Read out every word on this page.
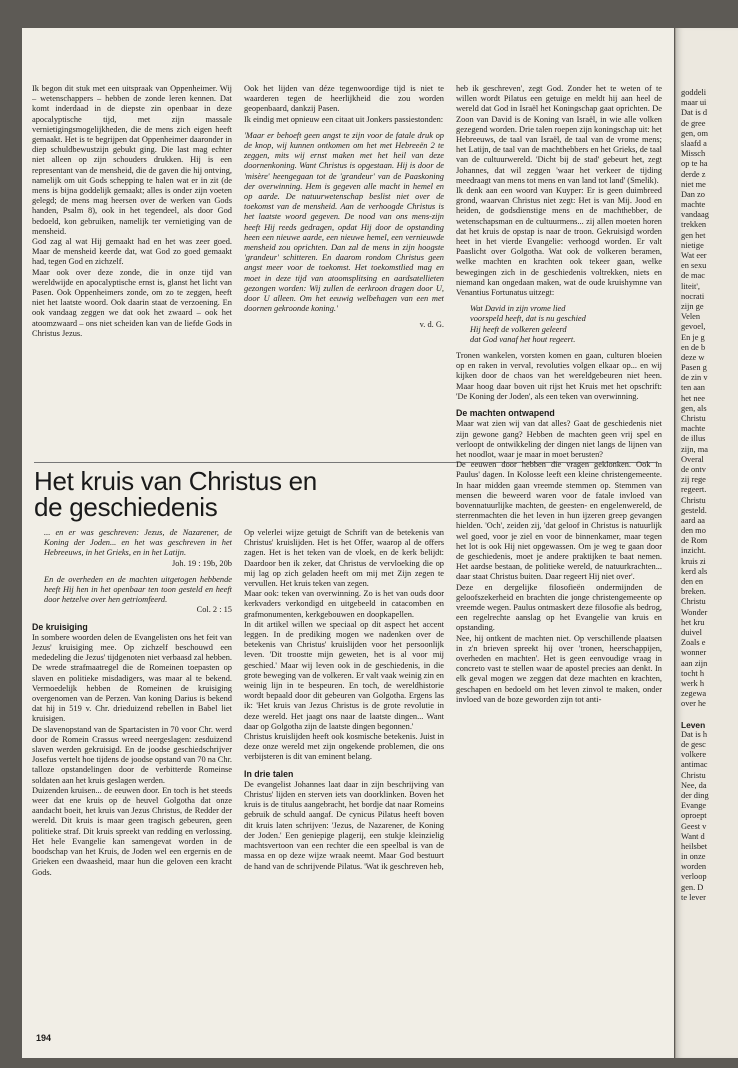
Ik begon dit stuk met een uitspraak van Oppenheimer. Wij – wetenschappers – hebben de zonde leren kennen. Dat komt inderdaad in de diepste zin openbaar in deze apocalyptische tijd, met zijn massale vernietigingsmogelijkheden, die de mens zich eigen heeft gemaakt. Het is te begrijpen dat Oppenheimer daaronder in diep schuldbewustzijn gebukt ging. Die last mag echter niet alleen op zijn schouders drukken. Hij is een representant van de mensheid, die de gaven die hij ontving, namelijk om uit Gods schepping te halen wat er in zit (de mens is bijna goddelijk gemaakt; alles is onder zijn voeten gelegd; de mens mag heersen over de werken van Gods handen, Psalm 8), ook in het tegendeel, als door God bedoeld, kon gebruiken, namelijk ter vernietiging van de mensheid.

God zag al wat Hij gemaakt had en het was zeer goed. Maar de mensheid keerde dat, wat God zo goed gemaakt had, tegen God en zichzelf.

Maar ook over deze zonde, die in onze tijd van wereldwijde en apocalyptische ernst is, glanst het licht van Pasen. Ook Oppenheimers zonde, om zo te zeggen, heeft niet het laatste woord. Ook daarin staat de verzoening. En ook vandaag zeggen we dat ook het zwaard – ook het atoomzwaard – ons niet scheiden kan van de liefde Gods in Christus Jezus.

Ook het lijden van déze tegenwoordige tijd is niet te waarderen tegen de heerlijkheid die zou worden geopenbaard, dankzij Pasen.

Ik eindig met opnieuw een citaat uit Jonkers passiestonden:

'Maar er behoeft geen angst te zijn voor de fatale druk op de knop, wij kunnen ontkomen om het met Hebreeën 2 te zeggen, mits wij ernst maken met het heil van deze doornenkoning. Want Christus is opgestaan. Hij is door de 'misère' heengegaan tot de 'grandeur' van de Paaskoning der overwinning. Hem is gegeven alle macht in hemel en op aarde. De natuurwetenschap beslist niet over de toekomst van de mensheid. Aan de verhoogde Christus is het laatste woord gegeven. De nood van ons mens-zijn heeft Hij reeds gedragen, opdat Hij door de opstanding heen een nieuwe aarde, een nieuwe hemel, een vernieuwde mensheid zou oprichten. Dan zal de mens in zijn hoogste 'grandeur' schitteren. En daarom rondom Christus geen angst meer voor de toekomst. Het toekomstlied mag en moet in deze tijd van atoomsplitsing en aardsatellieten gezongen worden: Wij zullen de eerkroon dragen door U, door U alleen. Om het eeuwig welbehagen van een met doornen gekroonde koning.'

v. d. G.

Het kruis van Christus en de geschiedenis

... en er was geschreven: Jezus, de Nazarener, de Koning der Joden... en het was geschreven in het Hebreeuws, in het Grieks, en in het Latijn.

Joh. 19 : 19b, 20b

En de overheden en de machten uitgetogen hebbende heeft Hij hen in het openbaar ten toon gesteld en heeft door hetzelve over hen getriomfeerd.

Col. 2 : 15

De kruisiging

In sombere woorden delen de Evangelisten ons het feit van Jezus' kruisiging mee. Op zichzelf beschouwd een mededeling die Jezus' tijdgenoten niet verbaasd zal hebben. De wrede strafmaatregel die de Romeinen toepasten op slaven en politieke misdadigers, was maar al te bekend. Vermoedelijk hebben de Romeinen de kruisiging overgenomen van de Perzen. Van koning Darius is bekend dat hij in 519 v. Chr. drieduizend rebellen in Babel liet kruisigen.

De slavenopstand van de Spartacisten in 70 voor Chr. werd door de Romein Crassus wreed neergeslagen: zesduizend slaven werden gekruisigd. En de joodse geschiedschrijver Josefus vertelt hoe tijdens de joodse opstand van 70 na Chr. talloze opstandelingen door de verbitterde Romeinse soldaten aan het kruis geslagen werden.

Duizenden kruisen... de eeuwen door. En toch is het steeds weer dat ene kruis op de heuvel Golgotha dat onze aandacht boeit, het kruis van Jezus Christus, de Redder der wereld. Dit kruis is maar geen tragisch gebeuren, geen politieke straf. Dit kruis spreekt van redding en verlossing. Het hele Evangelie kan samengevat worden in de boodschap van het Kruis, de Joden wel een ergernis en de Grieken een dwaasheid, maar hun die geloven een kracht Gods.

Op velerlei wijze getuigt de Schrift van de betekenis van Christus' kruislijden. Het is het Offer, waarop al de offers zagen. Het is het teken van de vloek, en de kerk belijdt: Daardoor ben ik zeker, dat Christus de vervloeking die op mij lag op zich geladen heeft om mij met Zijn zegen te vervullen. Het kruis teken van zegen.

Maar ook: teken van overwinning. Zo is het van ouds door kerkvaders verkondigd en uitgebeeld in catacomben en grafmonumenten, kerkgebouwen en doopkapellen.

In dit artikel willen we speciaal op dit aspect het accent leggen. In de prediking mogen we nadenken over de betekenis van Christus' kruislijden voor het persoonlijk leven. 'Dit troostte mijn geweten, het is al voor mij geschied.' Maar wij leven ook in de geschiedenis, in die grote beweging van de volkeren. Er valt vaak weinig zin en weinig lijn in te bespeuren. En toch, de wereldhistorie wordt bepaald door dit gebeuren van Golgotha. Ergens las ik: 'Het kruis van Jezus Christus is de grote revolutie in deze wereld. Het jaagt ons naar de laatste dingen... Want daar op Golgotha zijn de laatste dingen begonnen.'

Christus kruislijden heeft ook kosmische betekenis. Juist in deze onze wereld met zijn ongekende problemen, die ons verbijsteren is dit van eminent belang.

In drie talen

De evangelist Johannes laat daar in zijn beschrijving van Christus' lijden en sterven iets van doorklinken. Boven het kruis is de titulus aangebracht, het bordje dat naar Romeins gebruik de schuld aangaf. De cynicus Pilatus heeft boven dit kruis laten schrijven: 'Jezus, de Nazarener, de Koning der Joden.' Een geniepige plagerij, een stukje kleinzielig machtsvertoon van een rechter die een speelbal is van de massa en op deze wijze wraak neemt. Maar God bestuurt de hand van de schrijvende Pilatus. 'Wat ik geschreven heb,

heb ik geschreven', zegt God. Zonder het te weten of te willen wordt Pilatus een getuige en meldt hij aan heel de wereld dat God in Israël het Koningschap gaat oprichten. De Zoon van David is de Koning van Israël, in wie alle volken gezegend worden. Drie talen roepen zijn koningschap uit: het Hebreeuws, de taal van Israël, de taal van de vrome mens; het Latijn, de taal van de machthebbers en het Grieks, de taal van de cultuurwereld. 'Dicht bij de stad' gebeurt het, zegt Johannes, dat wil zeggen 'waar het verkeer de tijding meedraagt van mens tot mens en van land tot land' (Smelik).

Ik denk aan een woord van Kuyper: Er is geen duimbreed grond, waarvan Christus niet zegt: Het is van Mij. Jood en heiden, de godsdienstige mens en de machthebber, de wetenschapsman en de cultuurmens... zij allen moeten horen dat het kruis de opstap is naar de troon. Gekruisigd worden heet in het vierde Evangelie: verhoogd worden. Er valt Paaslicht over Golgotha. Wat ook de volkeren beramen, welke machten en krachten ook tekeer gaan, welke bewegingen zich in de geschiedenis voltrekken, niets en niemand kan ongedaan maken, wat de oude kruishymne van Venantius Fortunatus uitzegt:

Wat David in zijn vrome lied
voorspeld heeft, dat is nu geschied
Hij heeft de volkeren geleerd
dat God vanaf het hout regeert.

Tronen wankelen, vorsten komen en gaan, culturen bloeien op en raken in verval, revoluties volgen elkaar op... en wij kijken door de chaos van het wereldgebeuren niet heen. Maar hoog daar boven uit rijst het Kruis met het opschrift: 'De Koning der Joden', als een teken van overwinning.

De machten ontwapend

Maar wat zien wij van dat alles? Gaat de geschiedenis niet zijn gewone gang? Hebben de machten geen vrij spel en verloopt de ontwikkeling der dingen niet langs de lijnen van het noodlot, waar je maar in moet berusten?

De eeuwen door hebben die vragen geklonken. Ook in Paulus' dagen. In Kolosse leeft een kleine christengemeente. In haar midden gaan vreemde stemmen op. Stemmen van mensen die beweerd waren voor de fatale invloed van bovennatuurlijke machten, de geesten- en engelenwereld, de sterrenmachten die het leven in hun ijzeren greep gevangen hielden. 'Och', zeiden zij, 'dat geloof in Christus is natuurlijk wel goed, voor je ziel en voor de binnenkamer, maar tegen het lot is ook Hij niet opgewassen. Om je weg te gaan door de geschiedenis, moet je andere praktijken te baat nemen. Het aardse bestaan, de politieke wereld, de natuurkrachten... daar staat Christus buiten. Daar regeert Hij niet over'.

Deze en dergelijke filosofieën ondermijnden de geloofszekerheid en brachten die jonge christengemeente op vreemde wegen. Paulus ontmaskert deze filosofie als bedrog, een regelrechte aanslag op het Evangelie van kruis en opstanding.

Nee, hij ontkent de machten niet. Op verschillende plaatsen in z'n brieven spreekt hij over 'tronen, heerschappijen, overheden en machten'. Het is geen eenvoudige vraag in concreto vast te stellen waar de apostel precies aan denkt. In elk geval mogen we zeggen dat deze machten en krachten, geschapen en bedoeld om het leven zinvol te maken, onder invloed van de boze geworden zijn tot anti-

194
goddeli
maar ui
Dat is d
de gree
gen, om
slaafd a
Missch
op te ha
derde z
niet me
Dan zo
machte
vandaag
trekken
gen het
nietige
Wat eer
en sexu
de mac
liteit',
nocrati
zijn ge
Velen
gevoel,
En je g
en de b
deze w
Pasen g
de zin v
ten aan
het nee
gen, als
Christu
machte
de illus
zijn, ma
Overal
de ontv
zij rege
regeert.
Christu
gesteld.
aard aa
den mo
de Rom
inzicht.
kruis zi
kerd als
den en
breken.
Christu
Wonder
het kru
duivel
Zoals e
wonner
aan zijn
tocht h
werk h
zegewa
over he
Leven
Dat is h
de gesc
volkere
antimac
Christu
Nee, da
der ding
Evange
oproept
Geest v
Want d
heilsbet
in onze
worden
verloop
gen. D
te lever
